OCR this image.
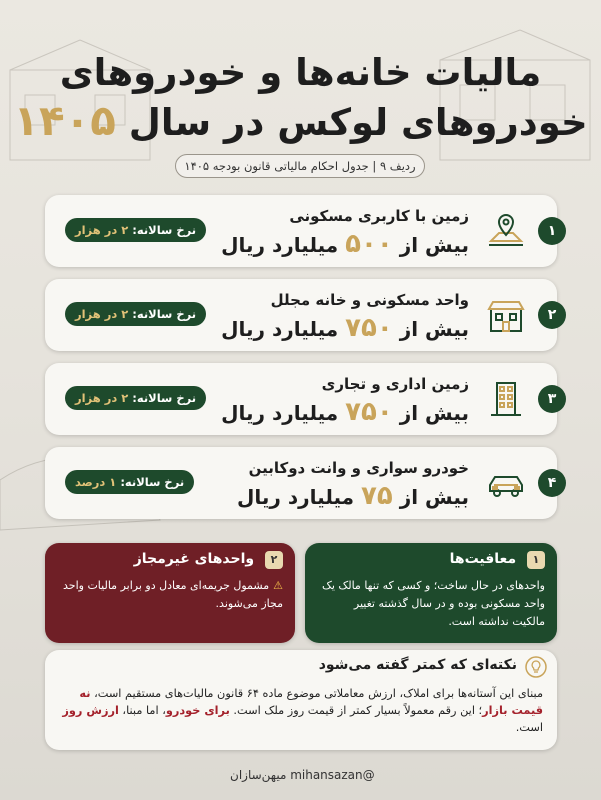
مالیات خانه‌ها و خودروهای
خودروهای لوکس در سال ۱۴۰۵
ردیف ۹ | جدول احکام مالیاتی قانون بودجه ۱۴۰۵
۱
زمین با کاربری مسکونی
بیش از ۵۰۰ میلیارد ریال
نرخ سالانه: ۲ در هزار
۲
واحد مسکونی و خانه مجلل
بیش از ۷۵۰ میلیارد ریال
نرخ سالانه: ۲ در هزار
۳
زمین اداری و تجاری
بیش از ۷۵۰ میلیارد ریال
نرخ سالانه: ۲ در هزار
۴
خودرو سواری و وانت دوکابین
بیش از ۷۵ میلیارد ریال
نرخ سالانه: ۱ درصد
۱ معافیت‌ها
واحدهای در حال ساخت؛ و کسی که تنها مالک یک واحد مسکونی بوده و در سال گذشته تغییر مالکیت نداشته است.
۲ واحدهای غیرمجاز
⚠مشمول جریمه‌ای معادل دو برابر مالیات واحد مجاز می‌شوند.
نکته‌ای که کمتر گفته می‌شود
مبنای این آستانه‌ها برای املاک، ارزش معاملاتی موضوع ماده ۶۴ قانون مالیات‌های مستقیم است، نه قیمت بازار؛ این رقم معمولاً بسیار کمتر از قیمت روز ملک است. برای خودرو، اما مبنا، ارزش روز است.
@mihansazan میهن‌سازان
